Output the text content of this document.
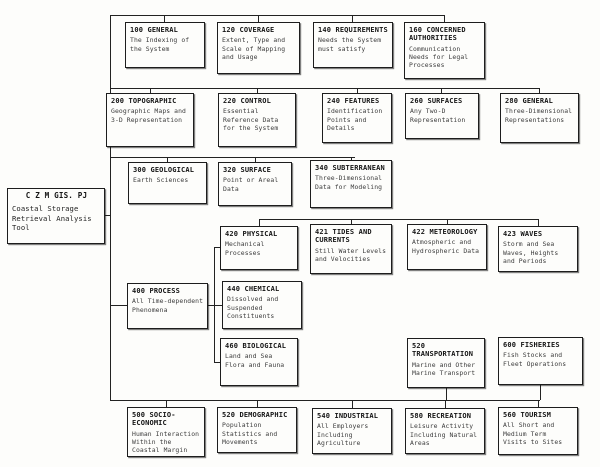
C Z M GIS. PJ
Coastal Storage Retrieval Analysis Tool
100 GENERAL
The Indexing of the System
120 COVERAGE
Extent, Type and Scale of Mapping and Usage
140 REQUIREMENTS
Needs the System must satisfy
160 CONCERNED AUTHORITIES
Communication Needs for Legal Processes
200 TOPOGRAPHIC
Geographic Maps and 3-D Representation
220 CONTROL
Essential Reference Data for the System
240 FEATURES
Identification Points and Details
260 SURFACES
Any Two-D Representation
280 GENERAL
Three-Dimensional Representations
300 GEOLOGICAL
Earth Sciences
320 SURFACE
Point or Areal Data
340 SUBTERRANEAN
Three-Dimensional Data for Modeling
420 PHYSICAL
Mechanical Processes
421 TIDES AND CURRENTS
Still Water Levels and Velocities
422 METEOROLOGY
Atmospheric and Hydrospheric Data
423 WAVES
Storm and Sea Waves, Heights and Periods
400 PROCESS
All Time-dependent Phenomena
440 CHEMICAL
Dissolved and Suspended Constituents
460 BIOLOGICAL
Land and Sea Flora and Fauna
520 TRANSPORTATION
Marine and Other Marine Transport
600 FISHERIES
Fish Stocks and Fleet Operations
500 SOCIO-ECONOMIC
Human Interaction Within the Coastal Margin
520 DEMOGRAPHIC
Population Statistics and Movements
540 INDUSTRIAL
All Employers Including Agriculture
580 RECREATION
Leisure Activity Including Natural Areas
560 TOURISM
All Short and Medium Term Visits to Sites
